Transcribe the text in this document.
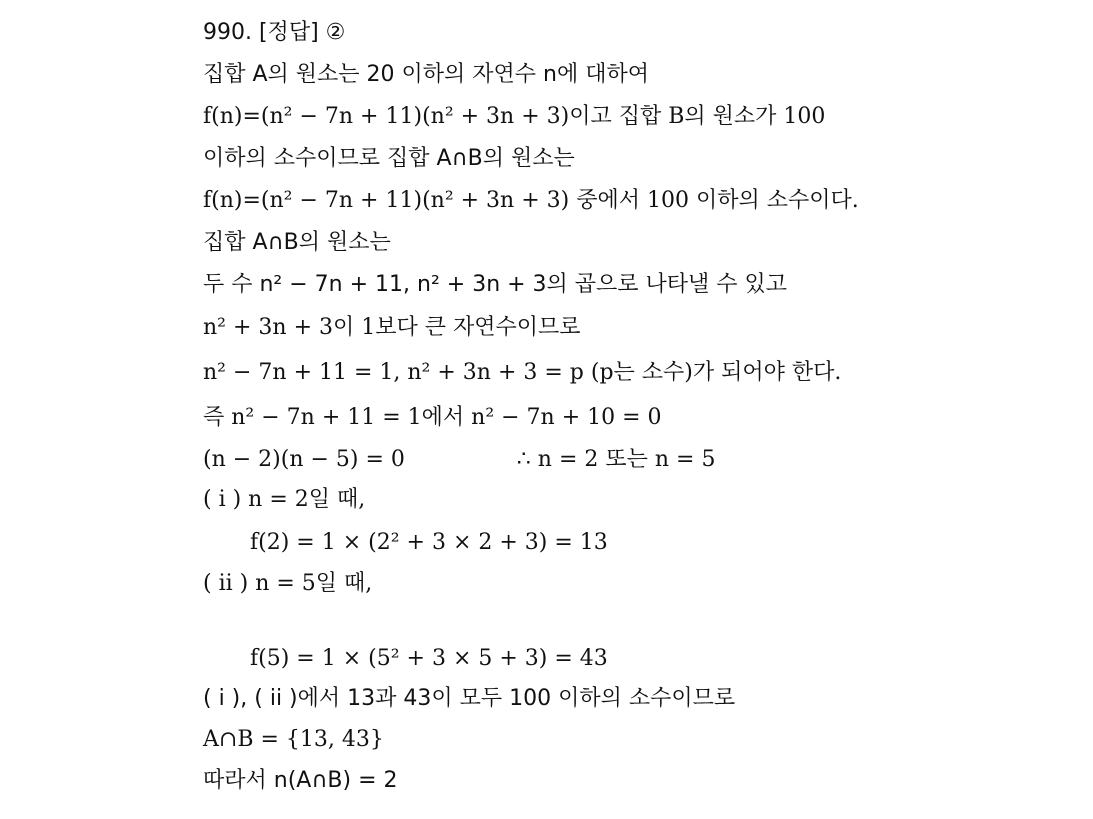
990. [정답] ②
집합 A의 원소는 20 이하의 자연수 n에 대하여
f(n)=(n² − 7n + 11)(n² + 3n + 3)이고 집합 B의 원소가 100
이하의 소수이므로 집합 A∩B의 원소는
f(n)=(n² − 7n + 11)(n² + 3n + 3) 중에서 100 이하의 소수이다.
집합 A∩B의 원소는
두 수 n² − 7n + 11, n² + 3n + 3의 곱으로 나타낼 수 있고
n² + 3n + 3이 1보다 큰 자연수이므로
n² − 7n + 11 = 1, n² + 3n + 3 = p (p는 소수)가 되어야 한다.
즉 n² − 7n + 11 = 1에서 n² − 7n + 10 = 0
(n − 2)(n − 5) = 0                ∴ n = 2 또는 n = 5
( i ) n = 2일 때,
f(2) = 1 × (2² + 3 × 2 + 3) = 13
( ii ) n = 5일 때,
f(5) = 1 × (5² + 3 × 5 + 3) = 43
( i ), ( ii )에서 13과 43이 모두 100 이하의 소수이므로
A∩B = {13, 43}
따라서 n(A∩B) = 2
